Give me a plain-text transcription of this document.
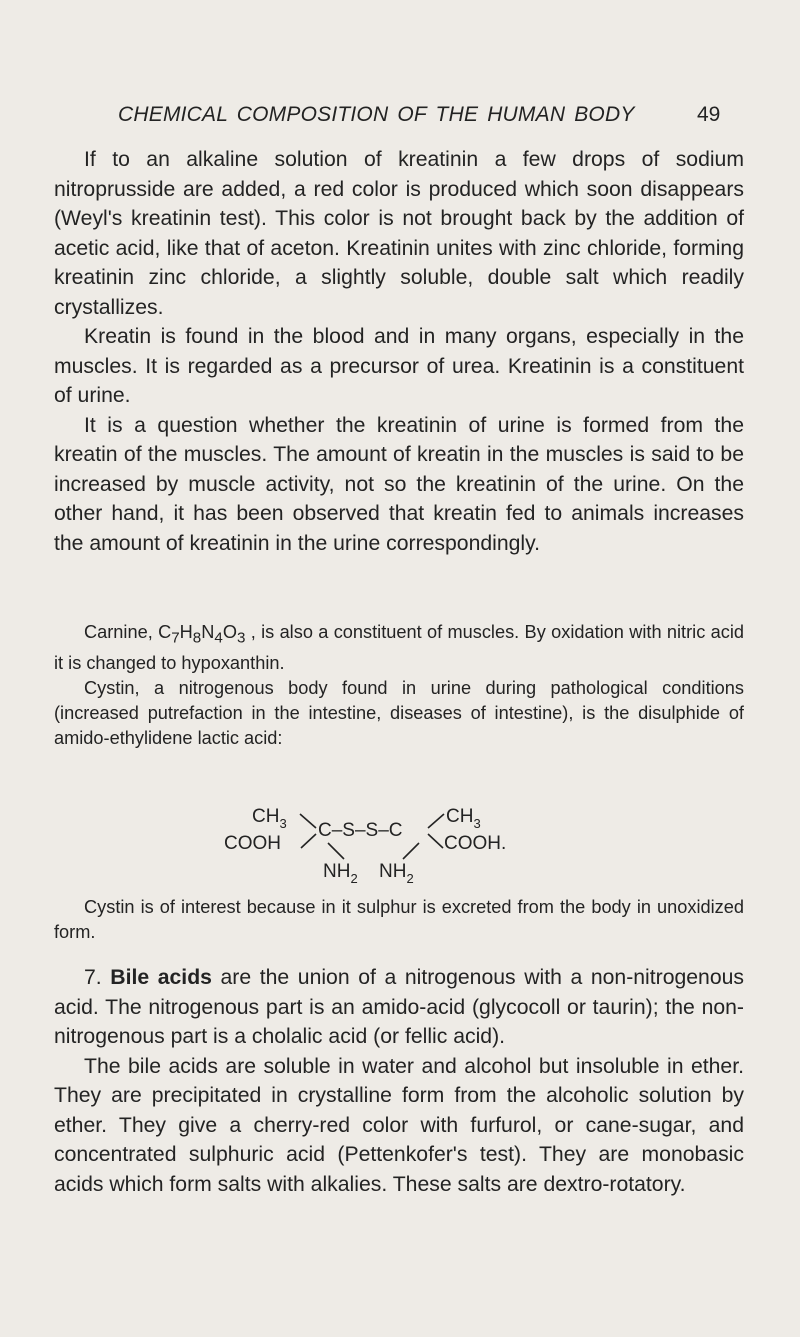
CHEMICAL COMPOSITION OF THE HUMAN BODY	49

If to an alkaline solution of kreatinin a few drops of sodium nitroprusside are added, a red color is produced which soon disappears (Weyl's kreatinin test). This color is not brought back by the addition of acetic acid, like that of aceton. Kreatinin unites with zinc chloride, forming kreatinin zinc chloride, a slightly soluble, double salt which readily crystallizes.

Kreatin is found in the blood and in many organs, especially in the muscles. It is regarded as a precursor of urea. Kreatinin is a constituent of urine.

It is a question whether the kreatinin of urine is formed from the kreatin of the muscles. The amount of kreatin in the muscles is said to be increased by muscle activity, not so the kreatinin of the urine. On the other hand, it has been observed that kreatin fed to animals increases the amount of kreatinin in the urine correspondingly.

Carnine, $C_7H_8N_4O_3$ , is also a constituent of muscles. By oxidation with nitric acid it is changed to hypoxanthin.

Cystin, a nitrogenous body found in urine during pathological conditions (increased putrefaction in the intestine, diseases of intestine), is the disulphide of amido-ethylidene lactic acid:

$CH_3$
COOH
C–S–S–C
$CH_3$
COOH.
$NH_2$ $NH_2$

Cystin is of interest because in it sulphur is excreted from the body in unoxidized form.

7. Bile acids are the union of a nitrogenous with a non-nitrogenous acid. The nitrogenous part is an amido-acid (glycocoll or taurin); the non-nitrogenous part is a cholalic acid (or fellic acid).

The bile acids are soluble in water and alcohol but insoluble in ether. They are precipitated in crystalline form from the alcoholic solution by ether. They give a cherry-red color with furfurol, or cane-sugar, and concentrated sulphuric acid (Pettenkofer's test). They are monobasic acids which form salts with alkalies. These salts are dextro-rotatory.
